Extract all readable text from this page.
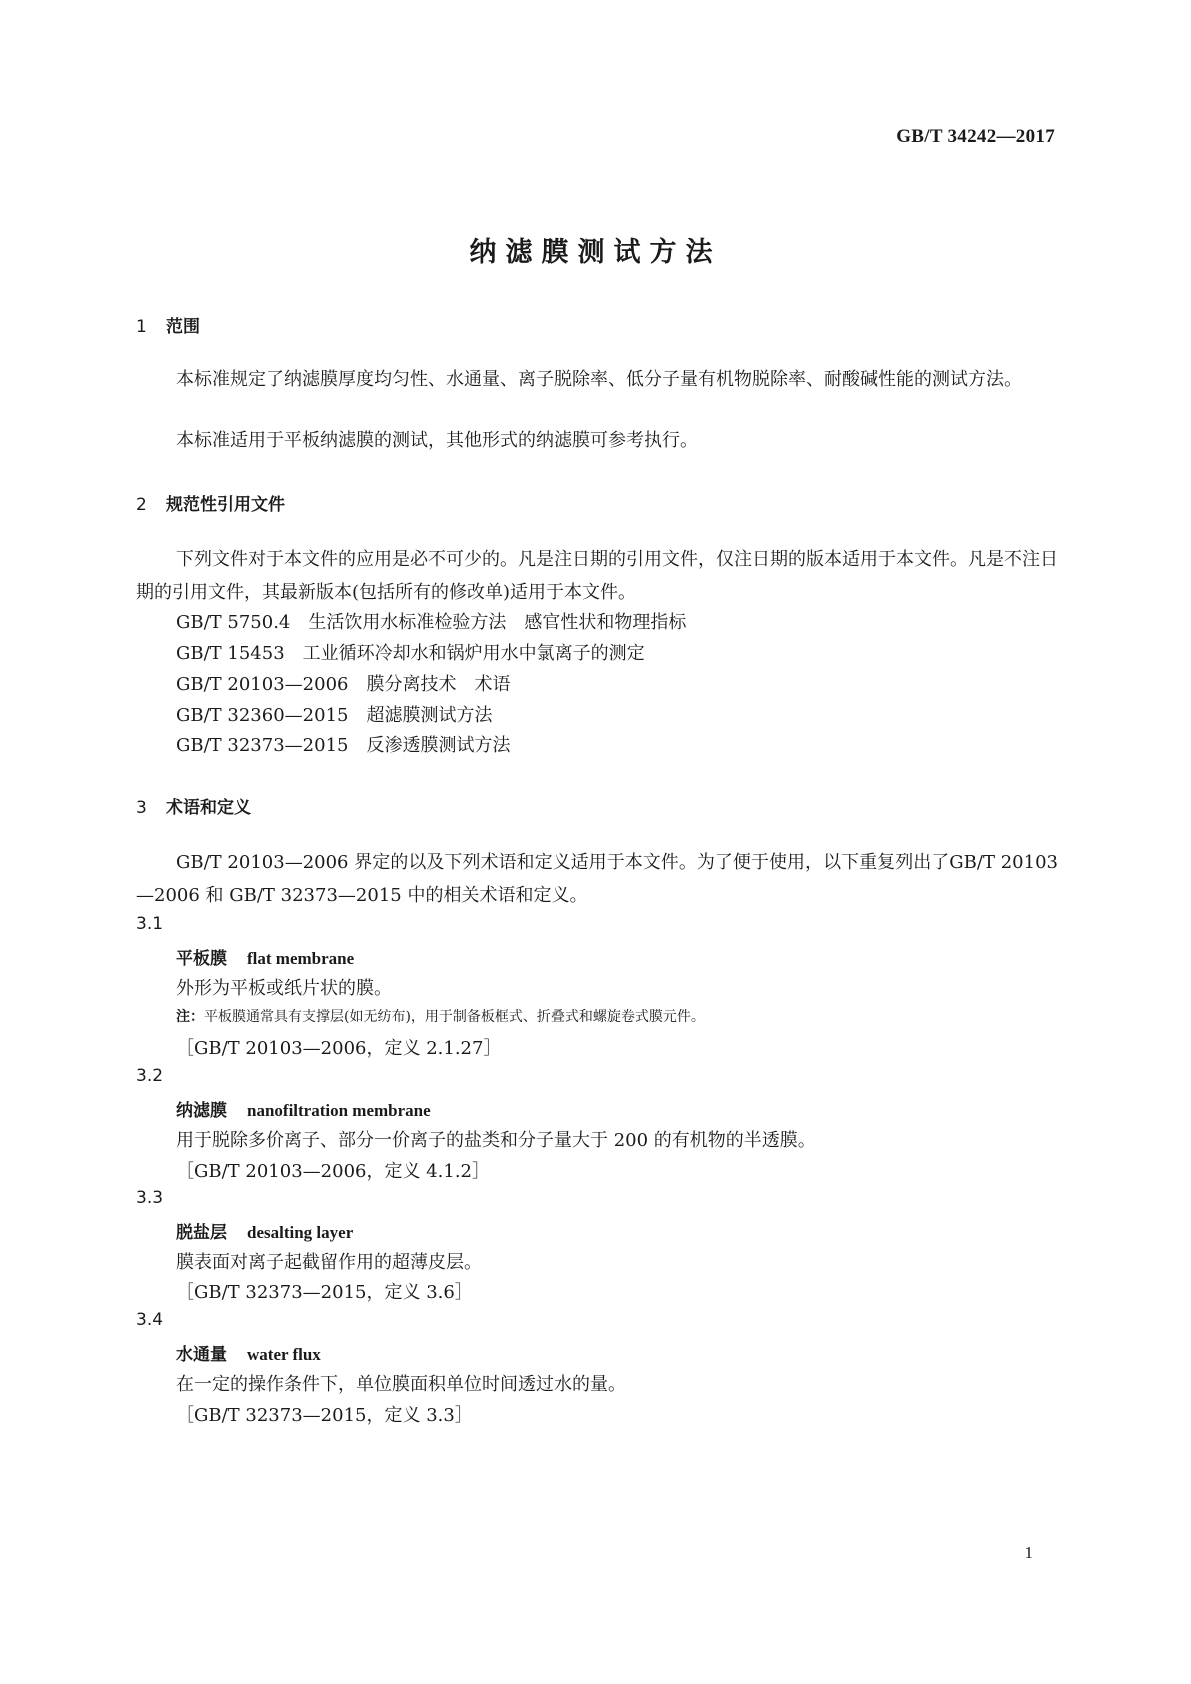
GB/T 34242—2017
纳滤膜测试方法
1 范围
本标准规定了纳滤膜厚度均匀性、水通量、离子脱除率、低分子量有机物脱除率、耐酸碱性能的测试方法。
本标准适用于平板纳滤膜的测试，其他形式的纳滤膜可参考执行。
2 规范性引用文件
下列文件对于本文件的应用是必不可少的。凡是注日期的引用文件，仅注日期的版本适用于本文件。凡是不注日期的引用文件，其最新版本(包括所有的修改单)适用于本文件。
GB/T 5750.4 生活饮用水标准检验方法　感官性状和物理指标
GB/T 15453 工业循环冷却水和锅炉用水中氯离子的测定
GB/T 20103—2006 膜分离技术　术语
GB/T 32360—2015 超滤膜测试方法
GB/T 32373—2015 反渗透膜测试方法
3 术语和定义
GB/T 20103—2006 界定的以及下列术语和定义适用于本文件。为了便于使用，以下重复列出了GB/T 20103—2006 和 GB/T 32373—2015 中的相关术语和定义。
3.1
平板膜 flat membrane
外形为平板或纸片状的膜。
注：平板膜通常具有支撑层(如无纺布)，用于制备板框式、折叠式和螺旋卷式膜元件。
［GB/T 20103—2006，定义 2.1.27］
3.2
纳滤膜 nanofiltration membrane
用于脱除多价离子、部分一价离子的盐类和分子量大于 200 的有机物的半透膜。
［GB/T 20103—2006，定义 4.1.2］
3.3
脱盐层 desalting layer
膜表面对离子起截留作用的超薄皮层。
［GB/T 32373—2015，定义 3.6］
3.4
水通量 water flux
在一定的操作条件下，单位膜面积单位时间透过水的量。
［GB/T 32373—2015，定义 3.3］
1
